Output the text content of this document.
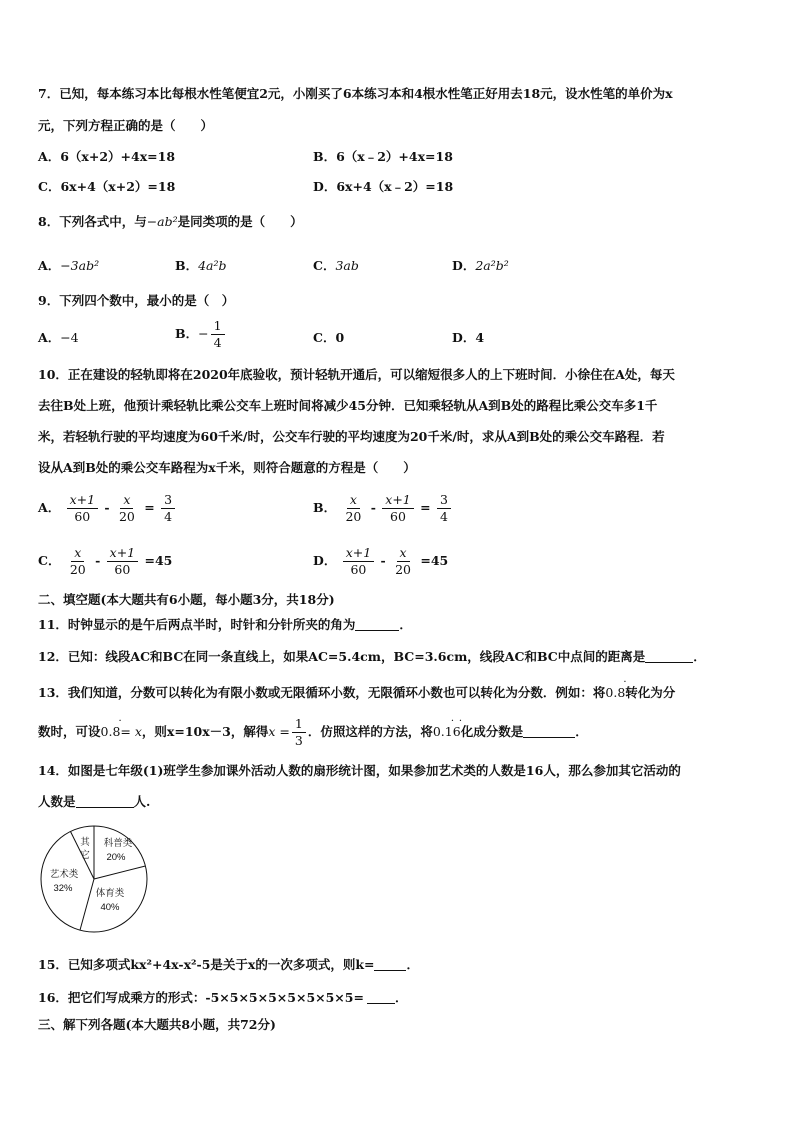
7．已知，每本练习本比每根水性笔便宜2元，小刚买了6本练习本和4根水性笔正好用去18元，设水性笔的单价为x
元，下列方程正确的是（　　）
A．6（x+2）+4x=18	B．6（x﹣2）+4x=18
C．6x+4（x+2）=18	D．6x+4（x﹣2）=18
8．下列各式中，与−ab²是同类项的是（　　）
A．−3ab²	B．4a²b	C．3ab	D．2a²b²
9．下列四个数中，最小的是（　）
A．−4	B．− $\frac{1}{4}$	C．0	D．4
10．正在建设的轻轨即将在2020年底验收，预计轻轨开通后，可以缩短很多人的上下班时间．小徐住在A处，每天
去往B处上班，他预计乘轻轨比乘公交车上班时间将减少45分钟．已知乘轻轨从A到B处的路程比乘公交车多1千
米，若轻轨行驶的平均速度为60千米/时，公交车行驶的平均速度为20千米/时，求从A到B处的乘公交车路程．若
设从A到B处的乘公交车路程为x千米，则符合题意的方程是（　　）
A． $\frac{x+1}{60} - \frac{x}{20} = \frac{3}{4}$	B． $\frac{x}{20} - \frac{x+1}{60} = \frac{3}{4}$
C． $\frac{x}{20} - \frac{x+1}{60} =45$	D． $\frac{x+1}{60} - \frac{x}{20} =45$
二、填空题(本大题共有6小题，每小题3分，共18分)
11．时钟显示的是午后两点半时，时针和分针所夹的角为	．
12．已知：线段AC和BC在同一条直线上，如果AC=5.4cm，BC=3.6cm，线段AC和BC中点间的距离是	．
13．我们知道，分数可以转化为有限小数或无限循环小数，无限循环小数也可以转化为分数．例如：将0.8
·
转化为分
数时，可设0.8
·
= x，则x=10x－3，解得$x = \frac{1}{3}$ ．仿照这样的方法，将0.16
· ·
化成分数是	．
14．如图是七年级(1)班学生参加课外活动人数的扇形统计图，如果参加艺术类的人数是16人，那么参加其它活动的
人数是	人.
其
它
科普类
20%
艺术类
32% 体育类
40%
15．已知多项式kx²+4x-x²-5是关于x的一次多项式，则k=	．
16．把它们写成乘方的形式：-5×5×5×5×5×5×5×5= ．
三、解下列各题(本大题共8小题，共72分)
